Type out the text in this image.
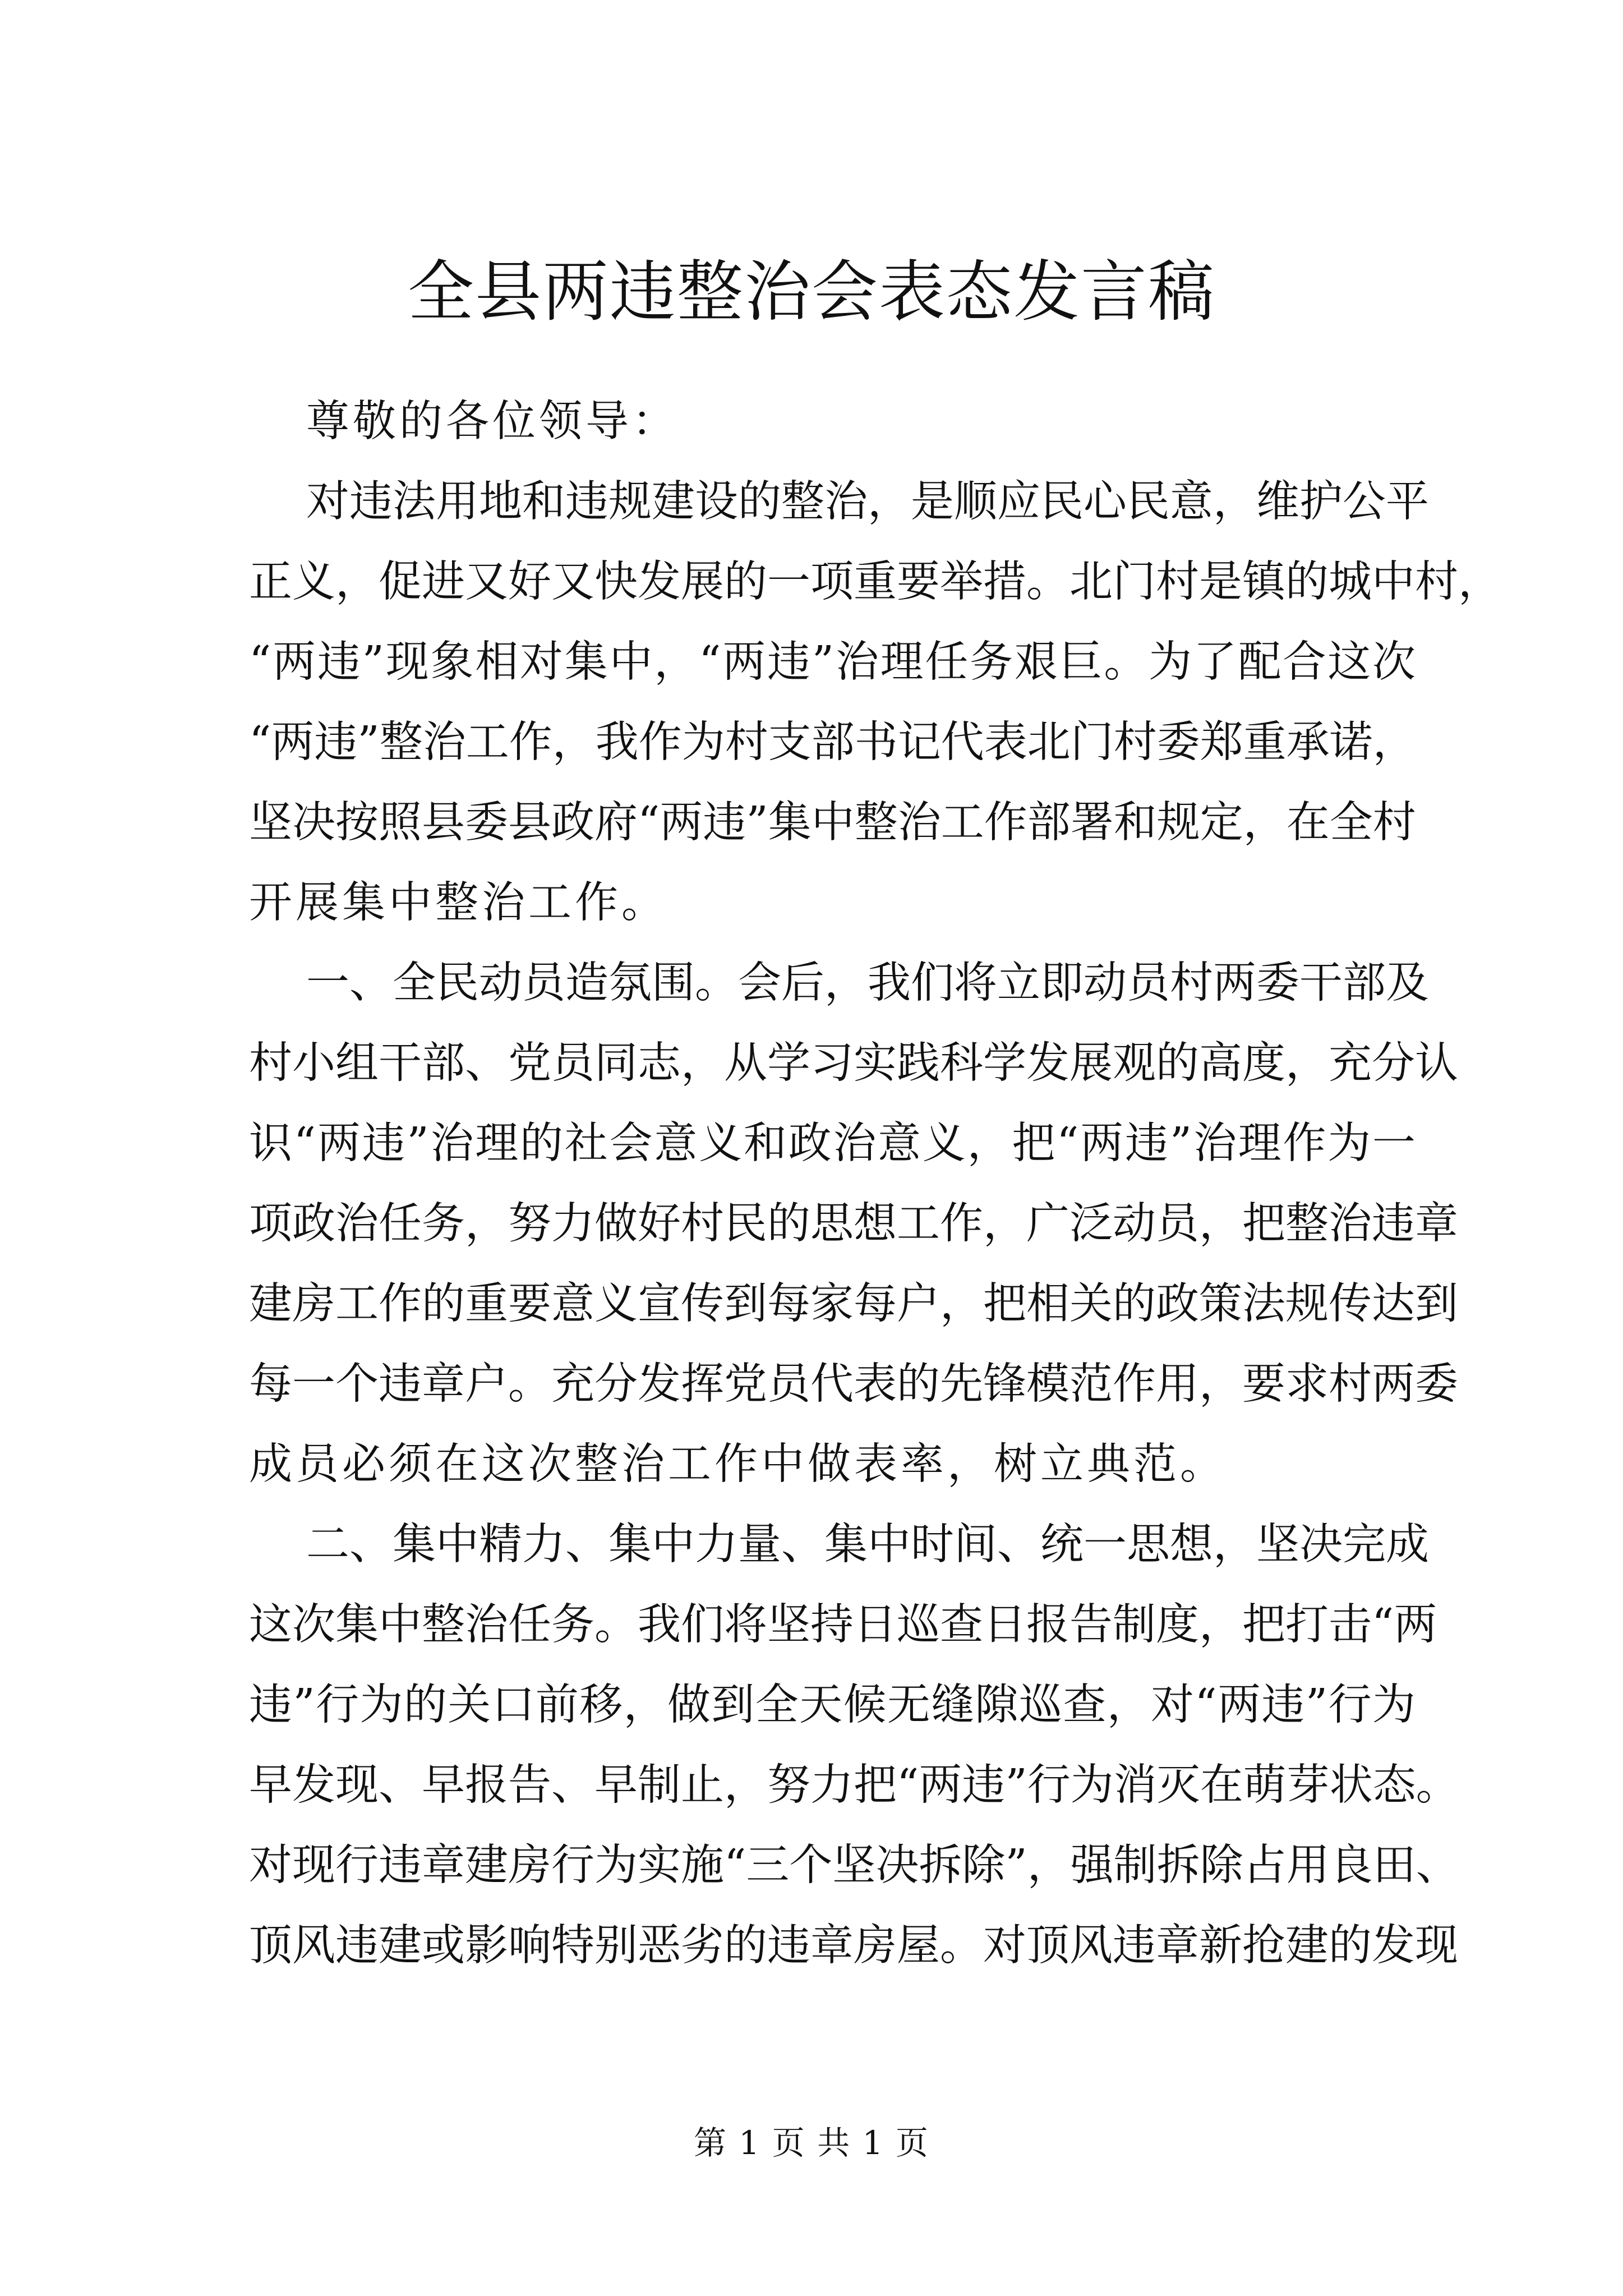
全县两违整治会表态发言稿
尊敬的各位领导：
对违法用地和违规建设的整治，是顺应民心民意，维护公平
正义，促进又好又快发展的一项重要举措。北门村是镇的城中村，
“两违”现象相对集中，“两违”治理任务艰巨。为了配合这次
“两违”整治工作，我作为村支部书记代表北门村委郑重承诺，
坚决按照县委县政府“两违”集中整治工作部署和规定，在全村
开展集中整治工作。
一、全民动员造氛围。会后，我们将立即动员村两委干部及
村小组干部、党员同志，从学习实践科学发展观的高度，充分认
识“两违”治理的社会意义和政治意义，把“两违”治理作为一
项政治任务，努力做好村民的思想工作，广泛动员，把整治违章
建房工作的重要意义宣传到每家每户，把相关的政策法规传达到
每一个违章户。充分发挥党员代表的先锋模范作用，要求村两委
成员必须在这次整治工作中做表率，树立典范。
二、集中精力、集中力量、集中时间、统一思想，坚决完成
这次集中整治任务。我们将坚持日巡查日报告制度，把打击“两
违”行为的关口前移，做到全天候无缝隙巡查，对“两违”行为
早发现、早报告、早制止，努力把“两违”行为消灭在萌芽状态。
对现行违章建房行为实施“三个坚决拆除”，强制拆除占用良田、
顶风违建或影响特别恶劣的违章房屋。对顶风违章新抢建的发现
第 1 页 共 1 页
